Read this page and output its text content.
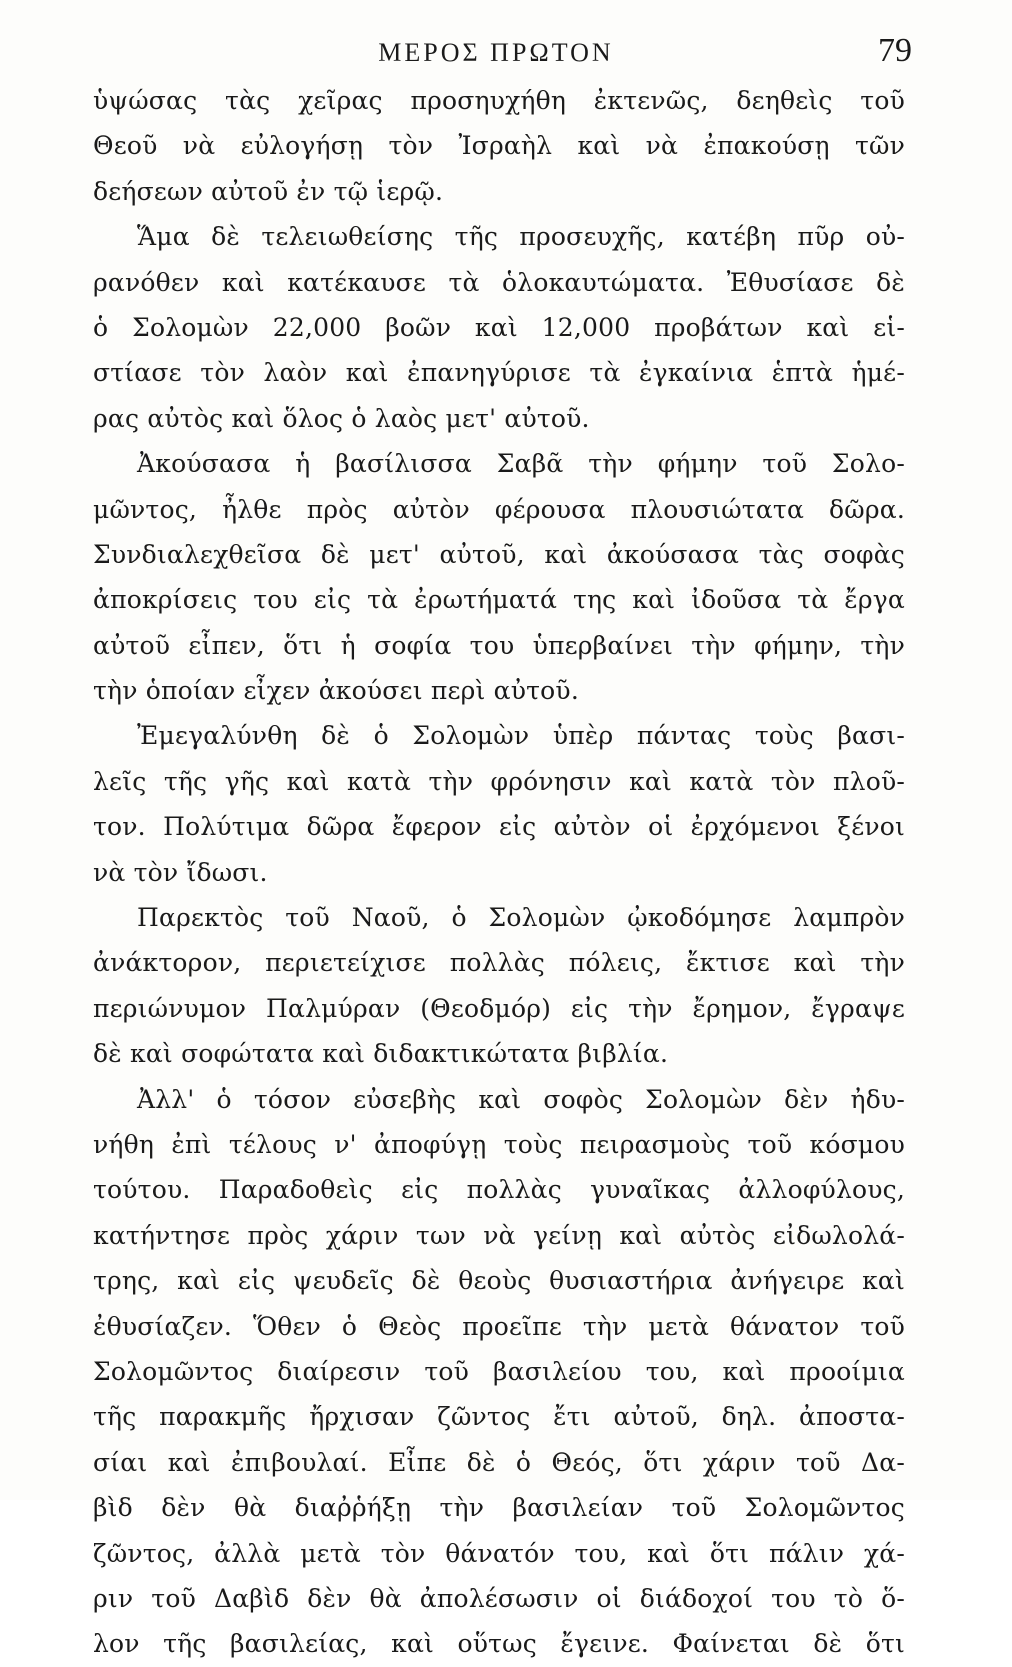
ΜΕΡΟΣ ΠΡΩΤΟΝ	79
ὑψώσας τὰς χεῖρας προσηυχήθη ἐκτενῶς, δεηθεὶς τοῦ
Θεοῦ νὰ εὐλογήσῃ τὸν Ἰσραὴλ καὶ νὰ ἐπακούσῃ τῶν
δεήσεων αὐτοῦ ἐν τῷ ἱερῷ.
Ἅμα δὲ τελειωθείσης τῆς προσευχῆς, κατέβη πῦρ οὐ-
ρανόθεν καὶ κατέκαυσε τὰ ὁλοκαυτώματα. Ἐθυσίασε δὲ
ὁ Σολομὼν 22,000 βοῶν καὶ 12,000 προβάτων καὶ εἱ-
στίασε τὸν λαὸν καὶ ἐπανηγύρισε τὰ ἐγκαίνια ἑπτὰ ἡμέ-
ρας αὐτὸς καὶ ὅλος ὁ λαὸς μετ' αὐτοῦ.
Ἀκούσασα ἡ βασίλισσα Σαβᾶ τὴν φήμην τοῦ Σολο-
μῶντος, ἦλθε πρὸς αὐτὸν φέρουσα πλουσιώτατα δῶρα.
Συνδιαλεχθεῖσα δὲ μετ' αὐτοῦ, καὶ ἀκούσασα τὰς σοφὰς
ἀποκρίσεις του εἰς τὰ ἐρωτήματά της καὶ ἰδοῦσα τὰ ἔργα
αὐτοῦ εἶπεν, ὅτι ἡ σοφία του ὑπερβαίνει τὴν φήμην, τὴν
τὴν ὁποίαν εἶχεν ἀκούσει περὶ αὐτοῦ.
Ἐμεγαλύνθη δὲ ὁ Σολομὼν ὑπὲρ πάντας τοὺς βασι-
λεῖς τῆς γῆς καὶ κατὰ τὴν φρόνησιν καὶ κατὰ τὸν πλοῦ-
τον. Πολύτιμα δῶρα ἔφερον εἰς αὐτὸν οἱ ἐρχόμενοι ξένοι
νὰ τὸν ἴδωσι.
Παρεκτὸς τοῦ Ναοῦ, ὁ Σολομὼν ᾠκοδόμησε λαμπρὸν
ἀνάκτορον, περιετείχισε πολλὰς πόλεις, ἔκτισε καὶ τὴν
περιώνυμον Παλμύραν (Θεοδμόρ) εἰς τὴν ἔρημον, ἔγραψε
δὲ καὶ σοφώτατα καὶ διδακτικώτατα βιβλία.
Ἀλλ' ὁ τόσον εὐσεβὴς καὶ σοφὸς Σολομὼν δὲν ἠδυ-
νήθη ἐπὶ τέλους ν' ἀποφύγῃ τοὺς πειρασμοὺς τοῦ κόσμου
τούτου. Παραδοθεὶς εἰς πολλὰς γυναῖκας ἀλλοφύλους,
κατήντησε πρὸς χάριν των νὰ γείνῃ καὶ αὐτὸς εἰδωλολά-
τρης, καὶ εἰς ψευδεῖς δὲ θεοὺς θυσιαστήρια ἀνήγειρε καὶ
ἐθυσίαζεν. Ὅθεν ὁ Θεὸς προεῖπε τὴν μετὰ θάνατον τοῦ
Σολομῶντος διαίρεσιν τοῦ βασιλείου του, καὶ προοίμια
τῆς παρακμῆς ἤρχισαν ζῶντος ἔτι αὐτοῦ, δηλ. ἀποστα-
σίαι καὶ ἐπιβουλαί. Εἶπε δὲ ὁ Θεός, ὅτι χάριν τοῦ Δα-
βὶδ δὲν θὰ διαῤῥήξῃ τὴν βασιλείαν τοῦ Σολομῶντος
ζῶντος, ἀλλὰ μετὰ τὸν θάνατόν του, καὶ ὅτι πάλιν χά-
ριν τοῦ Δαβὶδ δὲν θὰ ἀπολέσωσιν οἱ διάδοχοί του τὸ ὅ-
λον τῆς βασιλείας, καὶ οὕτως ἔγεινε. Φαίνεται δὲ ὅτι
